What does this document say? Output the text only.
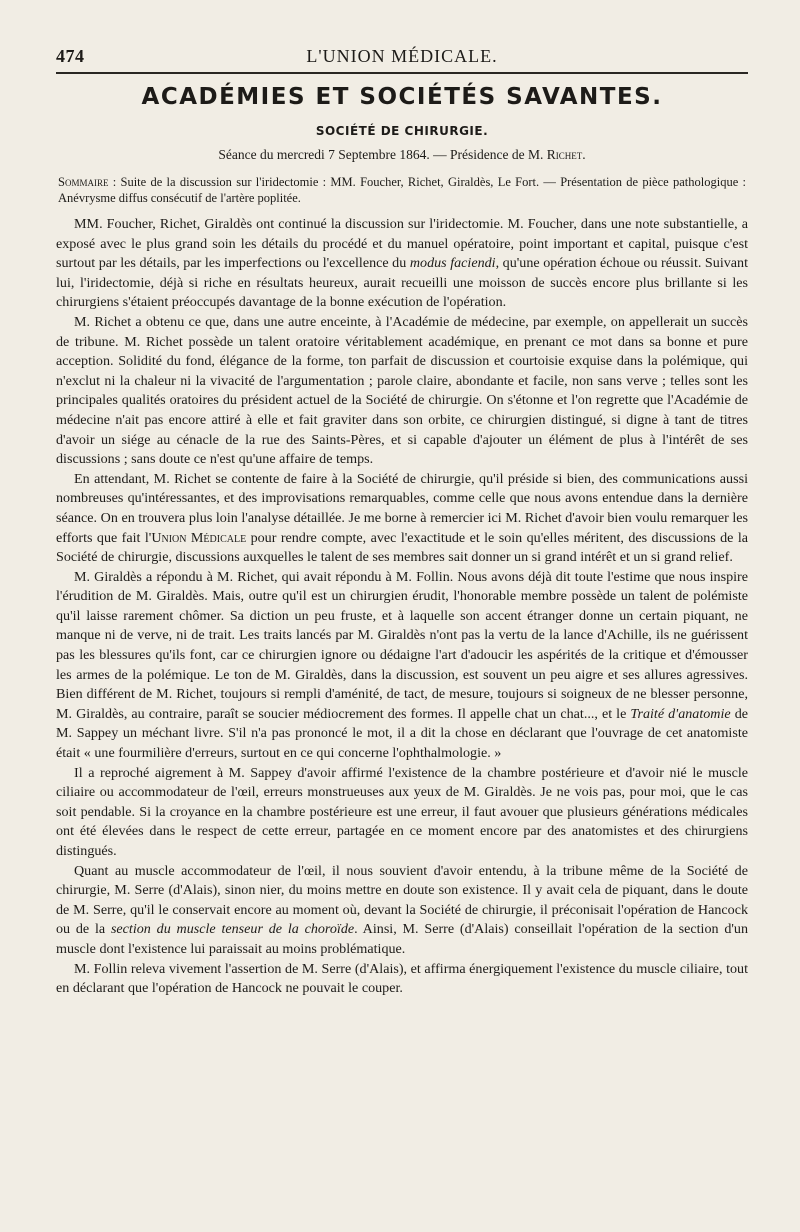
474	L'UNION MÉDICALE.
ACADÉMIES ET SOCIÉTÉS SAVANTES.
SOCIÉTÉ DE CHIRURGIE.
Séance du mercredi 7 Septembre 1864. — Présidence de M. Richet.

Sommaire : Suite de la discussion sur l'iridectomie : MM. Foucher, Richet, Giraldès, Le Fort. — Présentation de pièce pathologique : Anévrysme diffus consécutif de l'artère poplitée.

MM. Foucher, Richet, Giraldès ont continué la discussion sur l'iridectomie. M. Foucher, dans une note substantielle, a exposé avec le plus grand soin les détails du procédé et du manuel opératoire, point important et capital, puisque c'est surtout par les détails, par les imperfections ou l'excellence du modus faciendi, qu'une opération échoue ou réussit. Suivant lui, l'iridectomie, déjà si riche en résultats heureux, aurait recueilli une moisson de succès encore plus brillante si les chirurgiens s'étaient préoccupés davantage de la bonne exécution de l'opération.

M. Richet a obtenu ce que, dans une autre enceinte, à l'Académie de médecine, par exemple, on appellerait un succès de tribune. M. Richet possède un talent oratoire véritablement académique, en prenant ce mot dans sa bonne et pure acception. Solidité du fond, élégance de la forme, ton parfait de discussion et courtoisie exquise dans la polémique, qui n'exclut ni la chaleur ni la vivacité de l'argumentation ; parole claire, abondante et facile, non sans verve ; telles sont les principales qualités oratoires du président actuel de la Société de chirurgie. On s'étonne et l'on regrette que l'Académie de médecine n'ait pas encore attiré à elle et fait graviter dans son orbite, ce chirurgien distingué, si digne à tant de titres d'avoir un siége au cénacle de la rue des Saints-Pères, et si capable d'ajouter un élément de plus à l'intérêt de ses discussions ; sans doute ce n'est qu'une affaire de temps.

En attendant, M. Richet se contente de faire à la Société de chirurgie, qu'il préside si bien, des communications aussi nombreuses qu'intéressantes, et des improvisations remarquables, comme celle que nous avons entendue dans la dernière séance. On en trouvera plus loin l'analyse détaillée. Je me borne à remercier ici M. Richet d'avoir bien voulu remarquer les efforts que fait l'Union Médicale pour rendre compte, avec l'exactitude et le soin qu'elles méritent, des discussions de la Société de chirurgie, discussions auxquelles le talent de ses membres sait donner un si grand intérêt et un si grand relief.

M. Giraldès a répondu à M. Richet, qui avait répondu à M. Follin. Nous avons déjà dit toute l'estime que nous inspire l'érudition de M. Giraldès. Mais, outre qu'il est un chirurgien érudit, l'honorable membre possède un talent de polémiste qu'il laisse rarement chômer. Sa diction un peu fruste, et à laquelle son accent étranger donne un certain piquant, ne manque ni de verve, ni de trait. Les traits lancés par M. Giraldès n'ont pas la vertu de la lance d'Achille, ils ne guérissent pas les blessures qu'ils font, car ce chirurgien ignore ou dédaigne l'art d'adoucir les aspérités de la critique et d'émousser les armes de la polémique. Le ton de M. Giraldès, dans la discussion, est souvent un peu aigre et ses allures agressives. Bien différent de M. Richet, toujours si rempli d'aménité, de tact, de mesure, toujours si soigneux de ne blesser personne, M. Giraldès, au contraire, paraît se soucier médiocrement des formes. Il appelle chat un chat..., et le Traité d'anatomie de M. Sappey un méchant livre. S'il n'a pas prononcé le mot, il a dit la chose en déclarant que l'ouvrage de cet anatomiste était « une fourmilière d'erreurs, surtout en ce qui concerne l'ophthalmologie. »

Il a reproché aigrement à M. Sappey d'avoir affirmé l'existence de la chambre postérieure et d'avoir nié le muscle ciliaire ou accommodateur de l'œil, erreurs monstrueuses aux yeux de M. Giraldès. Je ne vois pas, pour moi, que le cas soit pendable. Si la croyance en la chambre postérieure est une erreur, il faut avouer que plusieurs générations médicales ont été élevées dans le respect de cette erreur, partagée en ce moment encore par des anatomistes et des chirurgiens distingués.

Quant au muscle accommodateur de l'œil, il nous souvient d'avoir entendu, à la tribune même de la Société de chirurgie, M. Serre (d'Alais), sinon nier, du moins mettre en doute son existence. Il y avait cela de piquant, dans le doute de M. Serre, qu'il le conservait encore au moment où, devant la Société de chirurgie, il préconisait l'opération de Hancock ou de la section du muscle tenseur de la choroïde. Ainsi, M. Serre (d'Alais) conseillait l'opération de la section d'un muscle dont l'existence lui paraissait au moins problématique.

M. Follin releva vivement l'assertion de M. Serre (d'Alais), et affirma énergiquement l'existence du muscle ciliaire, tout en déclarant que l'opération de Hancock ne pouvait le couper.
